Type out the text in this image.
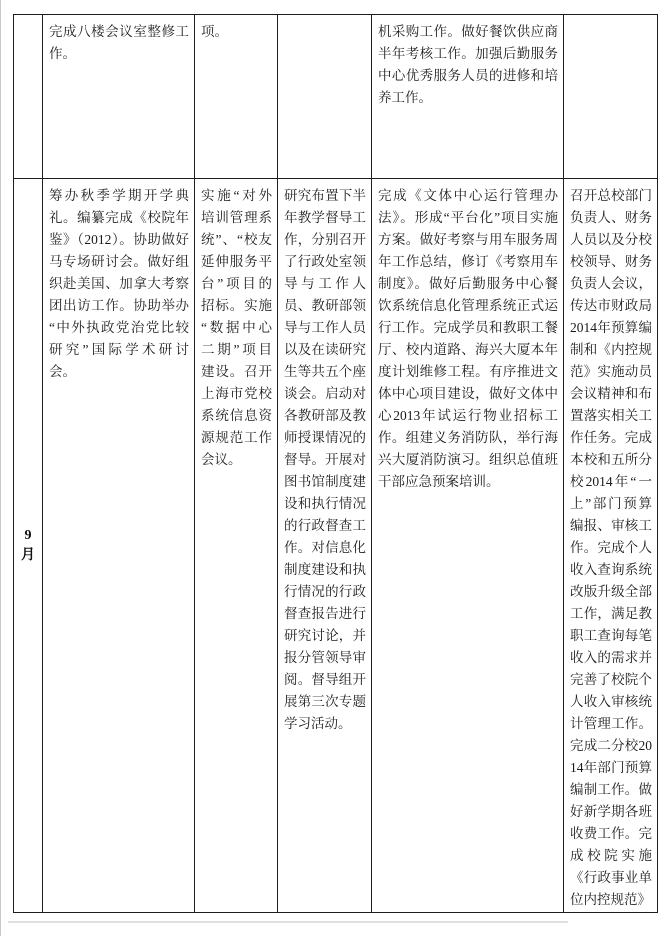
	完成八楼会议室整修工作。	项。		机采购工作。做好餐饮供应商半年考核工作。加强后勤服务中心优秀服务人员的进修和培养工作。	
9月	筹办秋季学期开学典礼。编纂完成《校院年鉴》（2012）。协助做好马专场研讨会。做好组织赴美国、加拿大考察团出访工作。协助举办“中外执政党治党比较研究”国际学术研讨会。	实施“对外培训管理系统”、“校友延伸服务平台”项目的招标。实施“数据中心二期”项目建设。召开上海市党校系统信息资源规范工作会议。	研究布置下半年教学督导工作，分别召开了行政处室领导与工作人员、教研部领导与工作人员以及在读研究生等共五个座谈会。启动对各教研部及教师授课情况的督导。开展对图书馆制度建设和执行情况的行政督查工作。对信息化制度建设和执行情况的行政督查报告进行研究讨论，并报分管领导审阅。督导组开展第三次专题学习活动。	完成《文体中心运行管理办法》。形成“平台化”项目实施方案。做好考察与用车服务周年工作总结，修订《考察用车制度》。做好后勤服务中心餐饮系统信息化管理系统正式运行工作。完成学员和教职工餐厅、校内道路、海兴大厦本年度计划维修工程。有序推进文体中心项目建设，做好文体中心2013年试运行物业招标工作。组建义务消防队，举行海兴大厦消防演习。组织总值班干部应急预案培训。	召开总校部门负责人、财务人员以及分校校领导、财务负责人会议，传达市财政局2014年预算编制和《内控规范》实施动员会议精神和布置落实相关工作任务。完成本校和五所分校2014年“一上”部门预算编报、审核工作。完成个人收入查询系统改版升级全部工作，满足教职工查询每笔收入的需求并完善了校院个人收入审核统计管理工作。完成二分校2014年部门预算编制工作。做好新学期各班收费工作。完成校院实施《行政事业单位内控规范》
